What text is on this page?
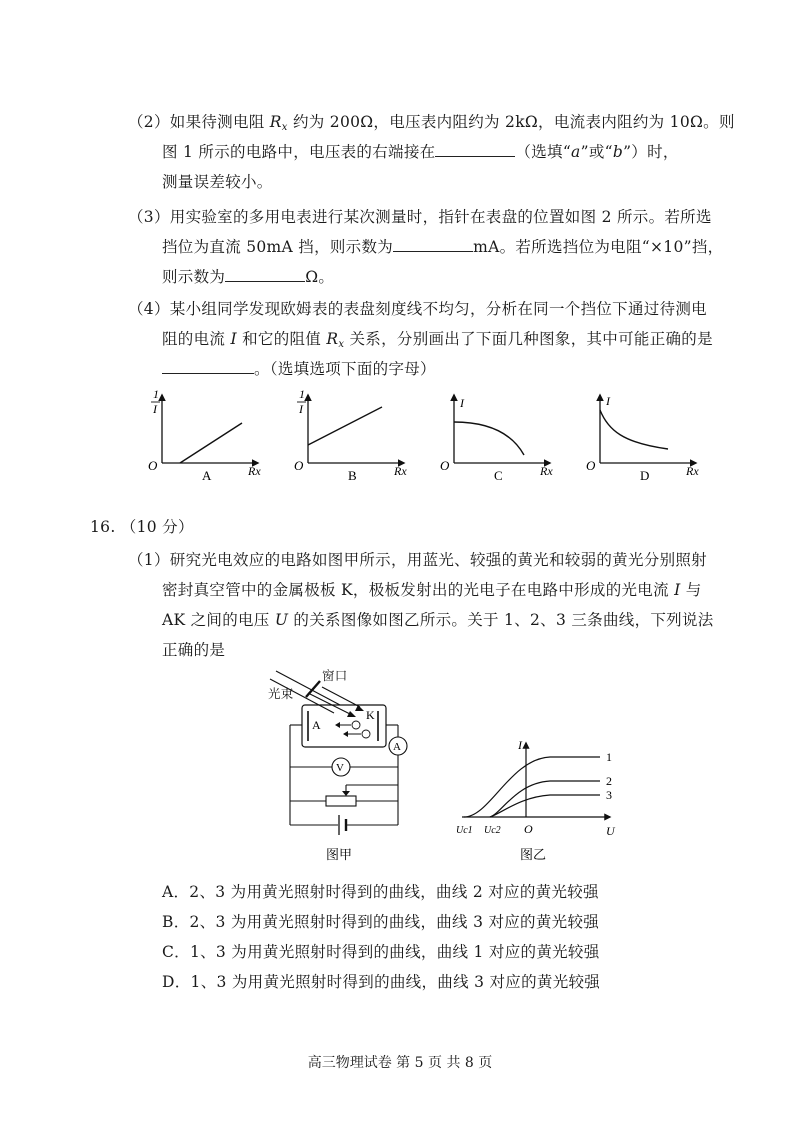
（2）如果待测电阻 $R_x$ 约为 200Ω，电压表内阻约为 2kΩ，电流表内阻约为 10Ω。则
图 1 所示的电路中，电压表的右端接在	（选填“a”或“b”）时，
测量误差较小。
（3）用实验室的多用电表进行某次测量时，指针在表盘的位置如图 2 所示。若所选
挡位为直流 50mA 挡，则示数为	mA。若所选挡位为电阻“×10”挡，
则示数为	Ω。
（4）某小组同学发现欧姆表的表盘刻度线不均匀，分析在同一个挡位下通过待测电
阻的电流 I 和它的阻值 $R_x$ 关系，分别画出了下面几种图象，其中可能正确的是
。（选填选项下面的字母）
1
I
O	Rx
A
1
I
O	Rx
B
I
O	Rx
C
I
O	Rx
D
16. （10 分）
（1）研究光电效应的电路如图甲所示，用蓝光、较强的黄光和较弱的黄光分别照射
密封真空管中的金属极板 K，极板发射出的光电子在电路中形成的光电流 I 与
AK 之间的电压 U 的关系图像如图乙所示。关于 1、2、3 三条曲线，下列说法
正确的是
A
K
A
V
图甲
窗口
光束
I
U
O
1
2
3
Uc1 Uc2
图乙
A．2、3 为用黄光照射时得到的曲线，曲线 2 对应的黄光较强
B．2、3 为用黄光照射时得到的曲线，曲线 3 对应的黄光较强
C．1、3 为用黄光照射时得到的曲线，曲线 1 对应的黄光较强
D．1、3 为用黄光照射时得到的曲线，曲线 3 对应的黄光较强
高三物理试卷 第 5 页 共 8 页
